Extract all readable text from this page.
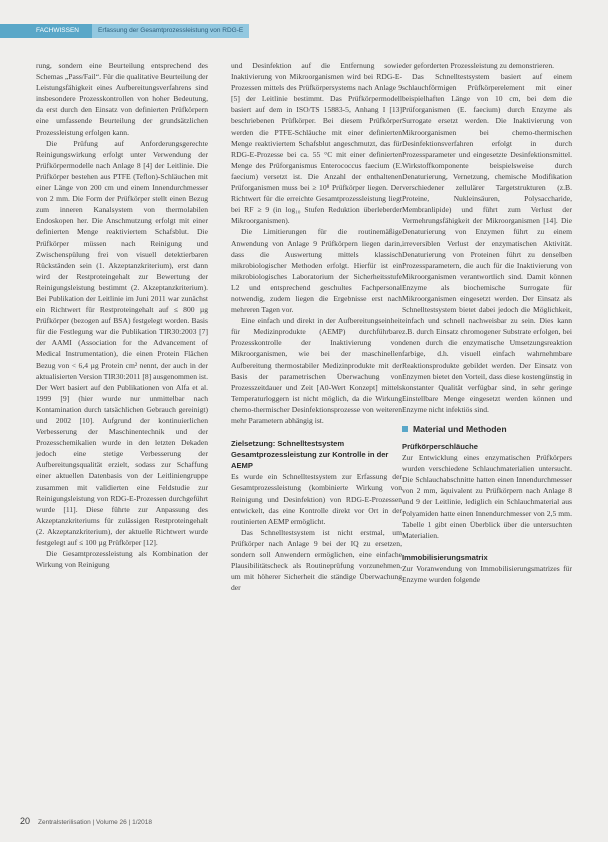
FACHWISSEN	Erfassung der Gesamtprozessleistung von RDG-E

rung, sondern eine Beurteilung entsprechend des Schemas „Pass/Fail“. Für die qualitative Beurteilung der Leistungsfähigkeit eines Aufbereitungsverfahrens sind insbesondere Prozesskontrollen von hoher Bedeutung, da erst durch den Einsatz von definierten Prüfkörpern eine umfassende Beurteilung der grundsätzlichen Prozessleistung erfolgen kann.

Die Prüfung auf Anforderungsgerechte Reinigungswirkung erfolgt unter Verwendung der Prüfkörpermodelle nach Anlage 8 [4] der Leitlinie. Die Prüfkörper bestehen aus PTFE (Teflon)-Schläuchen mit einer Länge von 200 cm und einem Innendurchmesser von 2 mm. Die Form der Prüfkörper stellt einen Bezug zum inneren Kanalsystem von thermolabilen Endoskopen her. Die Anschmutzung erfolgt mit einer definierten Menge reaktiviertem Schafsblut. Die Prüfkörper müssen nach Reinigung und Zwischenspülung frei von visuell detektierbaren Rückständen sein (1. Akzeptanzkriterium), erst dann wird der Restproteingehalt zur Bewertung der Reinigungsleistung bestimmt (2. Akzeptanzkriterium). Bei Publikation der Leitlinie im Juni 2011 war zunächst ein Richtwert für Restproteingehalt auf ≤ 800 µg Prüfkörper (bezogen auf BSA) festgelegt worden. Basis für die Festlegung war die Publikation TIR30:2003 [7] der AAMI (Association for the Advancement of Medical Instrumentation), die einen Protein Flächen Bezug von < 6,4 µg Protein cm² nennt, der auch in der aktualisierten Version TIR30:2011 [8] ausgenommen ist. Der Wert basiert auf den Publikationen von Alfa et al. 1999 [9] (hier wurde nur unmittelbar nach Kontamination durch tatsächlichen Gebrauch gereinigt) und 2002 [10]. Aufgrund der kontinuierlichen Verbesserung der Maschinentechnik und der Prozesschemikalien wurde in den letzten Dekaden jedoch eine stetige Verbesserung der Aufbereitungsqualität erzielt, sodass zur Schaffung einer aktuellen Datenbasis von der Leitliniengruppe zusammen mit validierten eine Feldstudie zur Reinigungsleistung von RDG-E-Prozessen durchgeführt wurde [11]. Diese führte zur Anpassung des Akzeptanzkriteriums für zulässigen Restproteingehalt (2. Akzeptanzkriterium), der aktuelle Richtwert wurde festgelegt auf ≤ 100 µg Prüfkörper [12].

Die Gesamtprozessleistung als Kombination der Wirkung von Reinigung

und Desinfektion auf die Entfernung sowie Inaktivierung von Mikroorganismen wird bei RDG-E-Prozessen mittels des Prüfkörpersystems nach Anlage 9 [5] der Leitlinie bestimmt. Das Prüfkörpermodell basiert auf dem in ISO/TS 15883-5, Anhang I [13] beschriebenen Prüfkörper. Bei diesem Prüfkörper werden die PTFE-Schläuche mit einer definierten Menge reaktiviertem Schafsblut angeschmutzt, das für RDG-E-Prozesse bei ca. 55 °C mit einer definierten Menge des Prüforganismus Enterococcus faecium (E. faecium) versetzt ist. Die Anzahl der enthaltenen Prüforganismen muss bei ≥ 10⁸ Prüfkörper liegen. Der Richtwert für die erreichte Gesamtprozessleistung liegt bei RF ≥ 9 (in log₁₀ Stufen Reduktion überleberder Mikroorganismen).

Die Limitierungen für die routinemäßige Anwendung von Anlage 9 Prüfkörpern liegen darin, dass die Auswertung mittels klassisch mikrobiologischer Methoden erfolgt. Hierfür ist ein mikrobiologisches Laboratorium der Sicherheitsstufe L2 und entsprechend geschultes Fachpersonal notwendig, zudem liegen die Ergebnisse erst nach mehreren Tagen vor.

Eine einfach und direkt in der Aufbereitungseinheit für Medizinprodukte (AEMP) durchführbare Prozesskontrolle der Inaktivierung von Mikroorganismen, wie bei der maschinellen Aufbereitung thermostabiler Medizinprodukte mit der Basis der parametrischen Überwachung von Prozesszeitdauer und Zeit [A0-Wert Konzept] mittels Temperaturloggern ist nicht möglich, da die Wirkung chemo-thermischer Desinfektionsprozesse von weiteren mehr Parametern abhängig ist.

Zielsetzung: Schnelltestsystem Gesamtprozessleistung zur Kontrolle in der AEMP

Es wurde ein Schnelltestsystem zur Erfassung der Gesamtprozessleistung (kombinierte Wirkung von Reinigung und Desinfektion) von RDG-E-Prozessen entwickelt, das eine Kontrolle direkt vor Ort in der routinierten AEMP ermöglicht.

Das Schnelltestsystem ist nicht erstmal, um Prüfkörper nach Anlage 9 bei der IQ zu ersetzen, sondern soll Anwendern ermöglichen, eine einfache Plausibilitätscheck als Routineprüfung vorzunehmen, um mit höherer Sicherheit die ständige Überwachung der

der geforderten Prozessleistung zu demonstrieren.

Das Schnelltestsystem basiert auf einem schlauchförmigen Prüfkörperelement mit einer beispielhaften Länge von 10 cm, bei dem die Prüforganismen (E. faecium) durch Enzyme als Surrogate ersetzt werden. Die Inaktivierung von Mikroorganismen bei chemo-thermischen Desinfektionsverfahren erfolgt in durch Prozessparameter und eingesetzte Desinfektionsmittel. Wirkstoffkomponente beispielsweise durch Denaturierung, Vernetzung, chemische Modifikation verschiedener zellulärer Targetstrukturen (z.B. Proteine, Nukleinsäuren, Polysaccharide, Membranlipide) und führt zum Verlust der Vermehrungsfähigkeit der Mikroorganismen [14]. Die Denaturierung von Enzymen führt zu einem irreversiblen Verlust der enzymatischen Aktivität. Denaturierung von Proteinen führt zu denselben Prozessparametern, die auch für die Inaktivierung von Mikroorganismen verantwortlich sind. Damit können Enzyme als biochemische Surrogate für Mikroorganismen eingesetzt werden. Der Einsatz als Schnelltestsystem bietet dabei jedoch die Möglichkeit, einfach und schnell nachweisbar zu sein. Dies kann z.B. durch Einsatz chromogener Substrate erfolgen, bei denen durch die enzymatische Umsetzungsreaktion farbige, d.h. visuell einfach wahrnehmbare Reaktionsprodukte gebildet werden. Der Einsatz von Enzymen bietet den Vorteil, dass diese kostengünstig in konstanter Qualität verfügbar sind, in sehr geringe Einstellbare Menge eingesetzt werden können und Enzyme nicht infektiös sind.

Material und Methoden
Prüfkörperschläuche

Zur Entwicklung eines enzymatischen Prüfkörpers wurden verschiedene Schlauchmaterialien untersucht. Die Schlauchabschnitte hatten einen Innendurchmesser von 2 mm, äquivalent zu Prüfkörpern nach Anlage 8 und 9 der Leitlinie, lediglich ein Schlauchmaterial aus Polyamiden hatte einen Innendurchmesser von 2,5 mm. Tabelle 1 gibt einen Überblick über die untersuchten Materialien.

Immobilisierungsmatrix

Zur Voranwendung von Immobilisierungsmatrizes für Enzyme wurden folgende

20 Zentralsterilisation | Volume 26 | 1/2018
